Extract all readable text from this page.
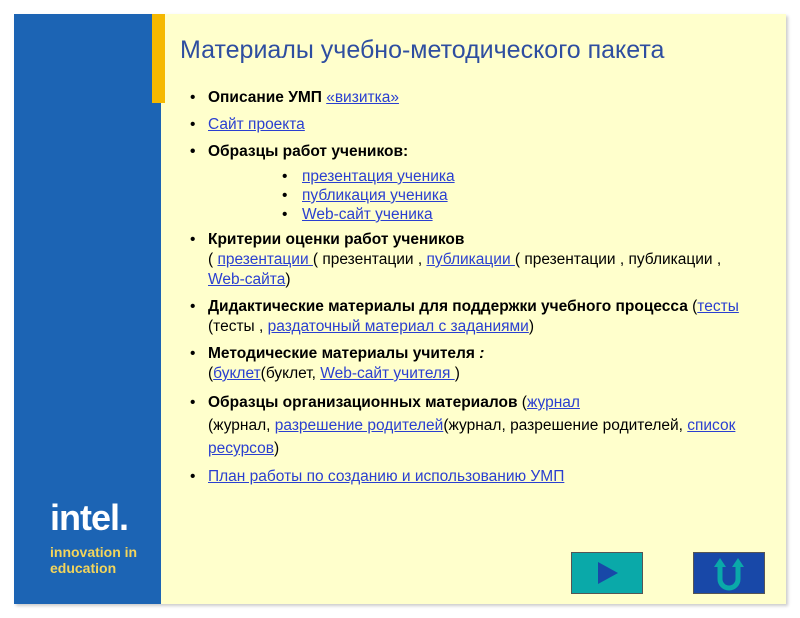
intel.
innovation in
education
Материалы учебно-методического пакета
• Описание УМП «визитка»
• Сайт проекта
• Образцы работ учеников:
• презентация ученика
• публикация ученика
• Web-сайт ученика
• Критерии оценки работ учеников
( презентации ( презентации , публикации ( презентации , публикации , Web-сайта)
• Дидактические материалы для поддержки учебного процесса (тесты (тесты , раздаточный материал с заданиями)
• Методические материалы учителя :
(буклет(буклет, Web-сайт учителя )
• Образцы организационных материалов (журнал
(журнал, разрешение родителей(журнал, разрешение родителей, список ресурсов)
• План работы по созданию и использованию УМП
